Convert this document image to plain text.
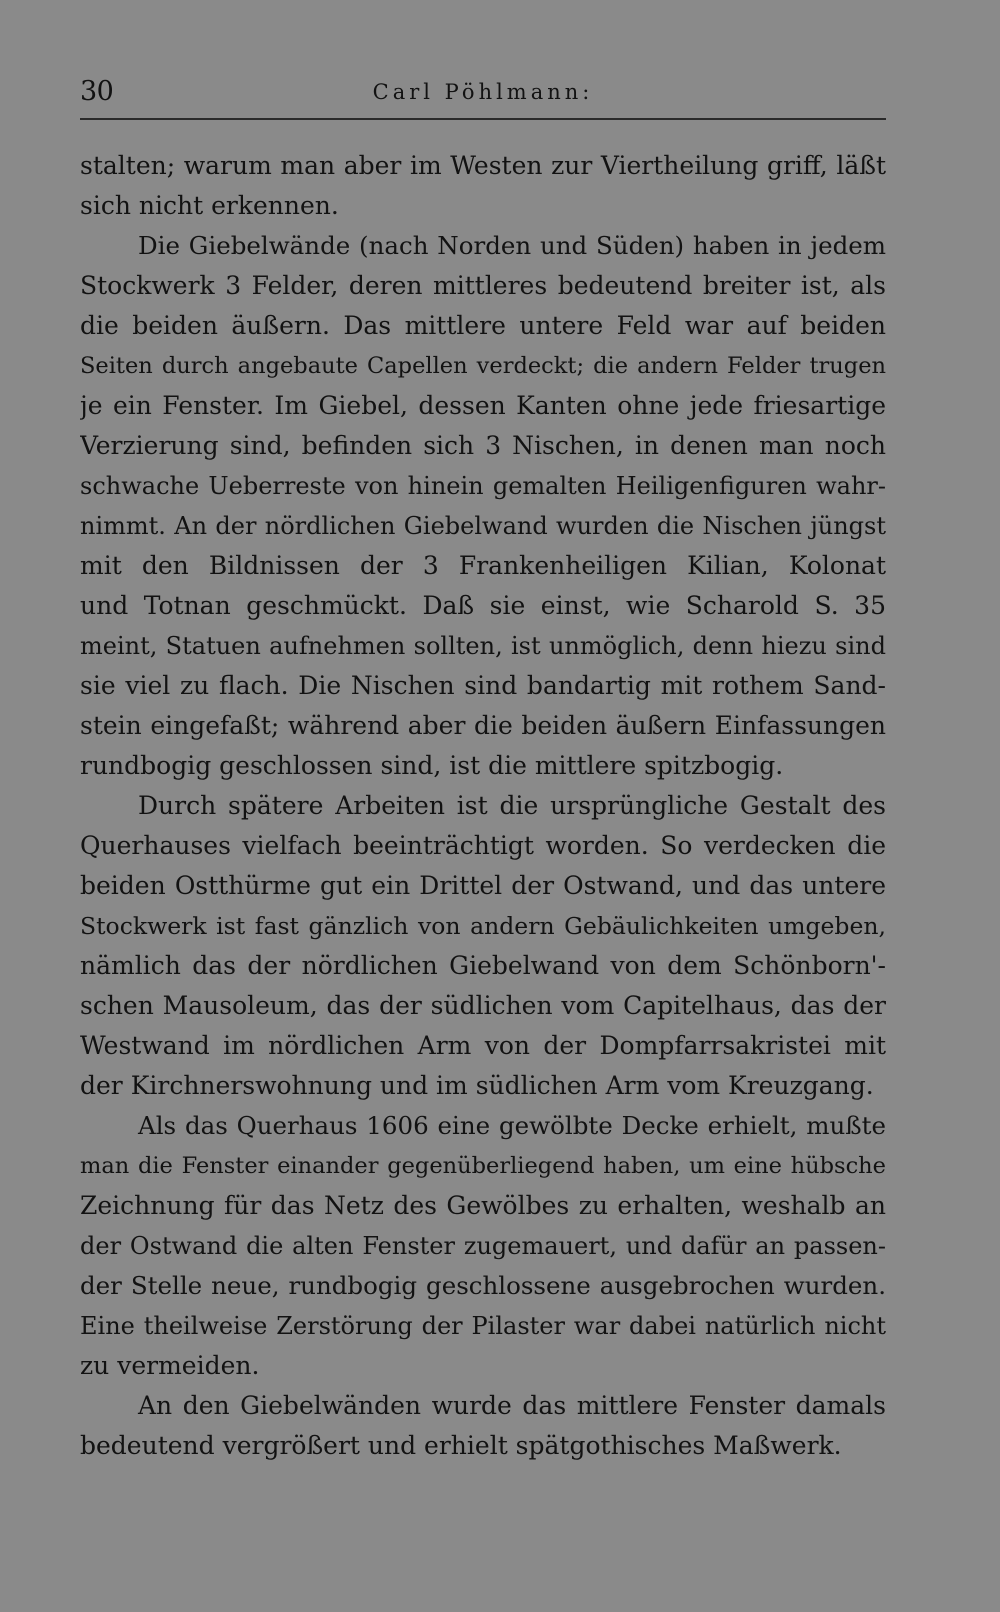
30	Carl Pöhlmann:

stalten; warum man aber im Westen zur Viertheilung griff, läßt
sich nicht erkennen.

Die Giebelwände (nach Norden und Süden) haben in jedem
Stockwerk 3 Felder, deren mittleres bedeutend breiter ist, als
die beiden äußern. Das mittlere untere Feld war auf beiden
Seiten durch angebaute Capellen verdeckt; die andern Felder trugen
je ein Fenster. Im Giebel, dessen Kanten ohne jede friesartige
Verzierung sind, befinden sich 3 Nischen, in denen man noch
schwache Ueberreste von hinein gemalten Heiligenfiguren wahr-
nimmt. An der nördlichen Giebelwand wurden die Nischen jüngst
mit den Bildnissen der 3 Frankenheiligen Kilian, Kolonat
und Totnan geschmückt. Daß sie einst, wie Scharold S. 35
meint, Statuen aufnehmen sollten, ist unmöglich, denn hiezu sind
sie viel zu flach. Die Nischen sind bandartig mit rothem Sand-
stein eingefaßt; während aber die beiden äußern Einfassungen
rundbogig geschlossen sind, ist die mittlere spitzbogig.

Durch spätere Arbeiten ist die ursprüngliche Gestalt des
Querhauses vielfach beeinträchtigt worden. So verdecken die
beiden Ostthürme gut ein Drittel der Ostwand, und das untere
Stockwerk ist fast gänzlich von andern Gebäulichkeiten umgeben,
nämlich das der nördlichen Giebelwand von dem Schönborn'-
schen Mausoleum, das der südlichen vom Capitelhaus, das der
Westwand im nördlichen Arm von der Dompfarrsakristei mit
der Kirchnerswohnung und im südlichen Arm vom Kreuzgang.

Als das Querhaus 1606 eine gewölbte Decke erhielt, mußte
man die Fenster einander gegenüberliegend haben, um eine hübsche
Zeichnung für das Netz des Gewölbes zu erhalten, weshalb an
der Ostwand die alten Fenster zugemauert, und dafür an passen-
der Stelle neue, rundbogig geschlossene ausgebrochen wurden.
Eine theilweise Zerstörung der Pilaster war dabei natürlich nicht
zu vermeiden.

An den Giebelwänden wurde das mittlere Fenster damals
bedeutend vergrößert und erhielt spätgothisches Maßwerk.
